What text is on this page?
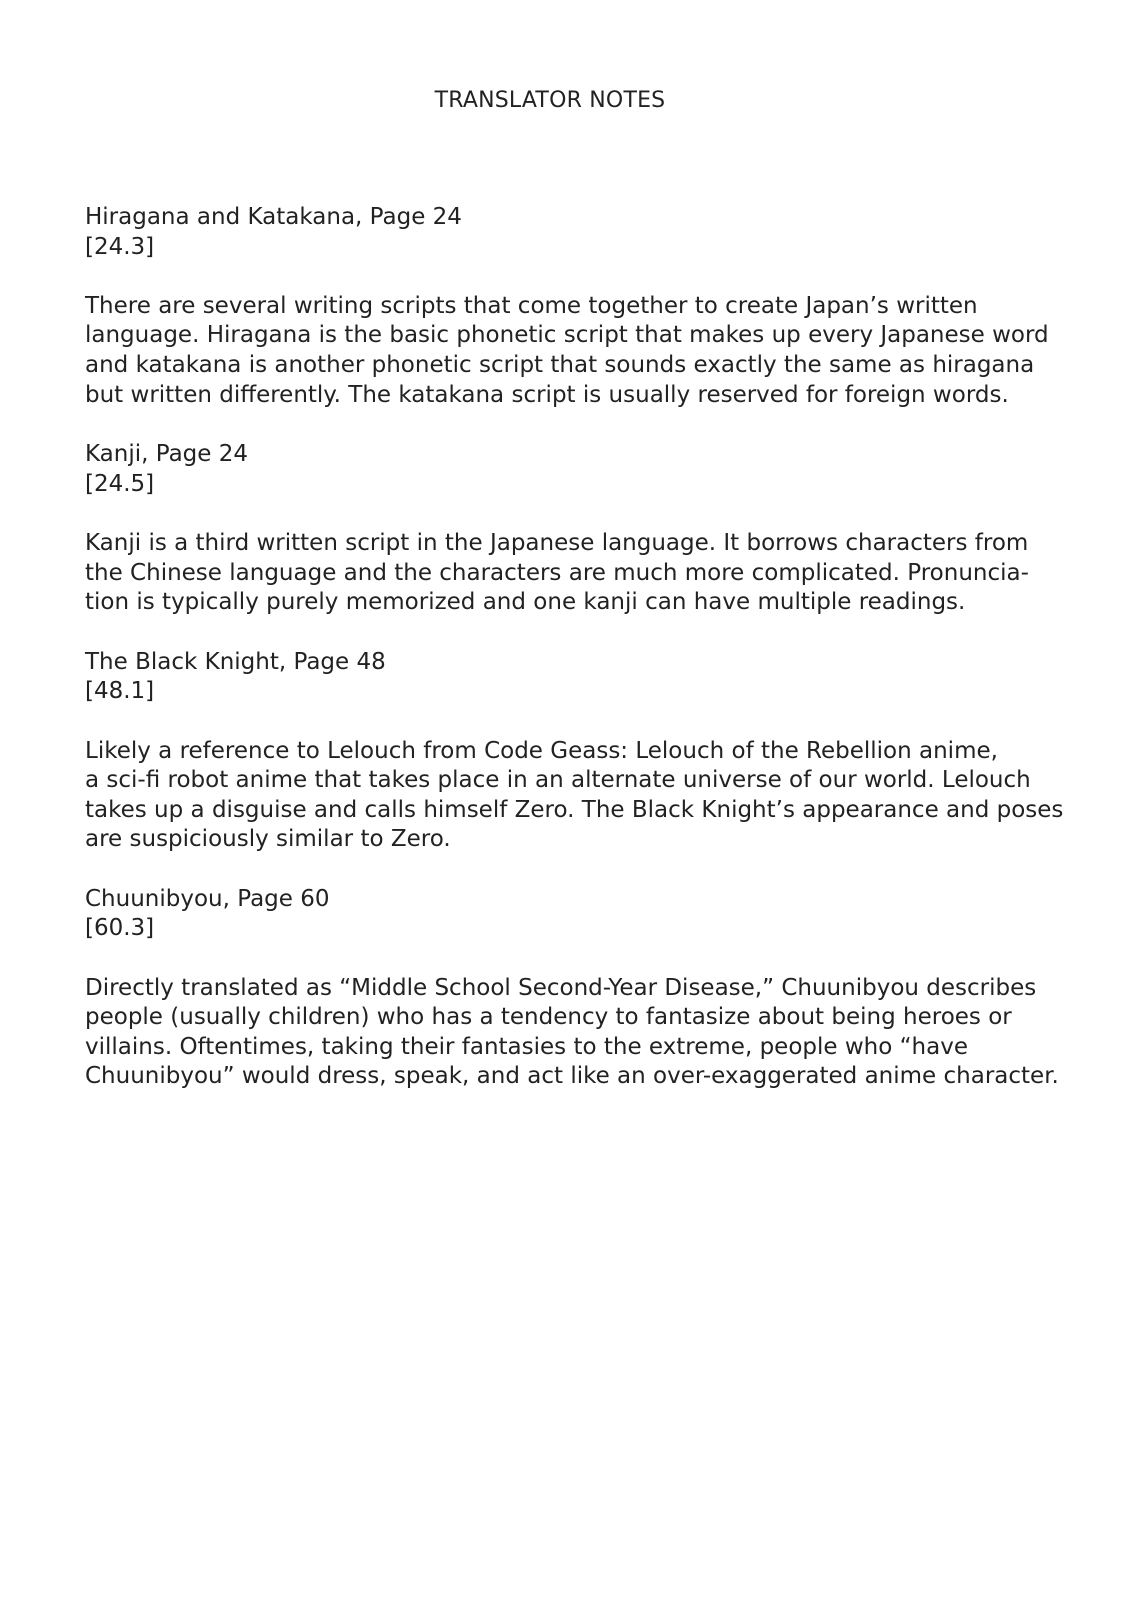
TRANSLATOR NOTES

Hiragana and Katakana, Page 24

[24.3]

There are several writing scripts that come together to create Japan’s written
language. Hiragana is the basic phonetic script that makes up every Japanese word
and katakana is another phonetic script that sounds exactly the same as hiragana
but written differently. The katakana script is usually reserved for foreign words.

Kanji, Page 24

[24.5]

Kanji is a third written script in the Japanese language. It borrows characters from
the Chinese language and the characters are much more complicated. Pronuncia-
tion is typically purely memorized and one kanji can have multiple readings.

The Black Knight, Page 48

[48.1]

Likely a reference to Lelouch from Code Geass: Lelouch of the Rebellion anime,
a sci-fi robot anime that takes place in an alternate universe of our world. Lelouch
takes up a disguise and calls himself Zero. The Black Knight’s appearance and poses
are suspiciously similar to Zero.

Chuunibyou, Page 60

[60.3]

Directly translated as “Middle School Second-Year Disease,” Chuunibyou describes
people (usually children) who has a tendency to fantasize about being heroes or
villains. Oftentimes, taking their fantasies to the extreme, people who “have
Chuunibyou” would dress, speak, and act like an over-exaggerated anime character.
